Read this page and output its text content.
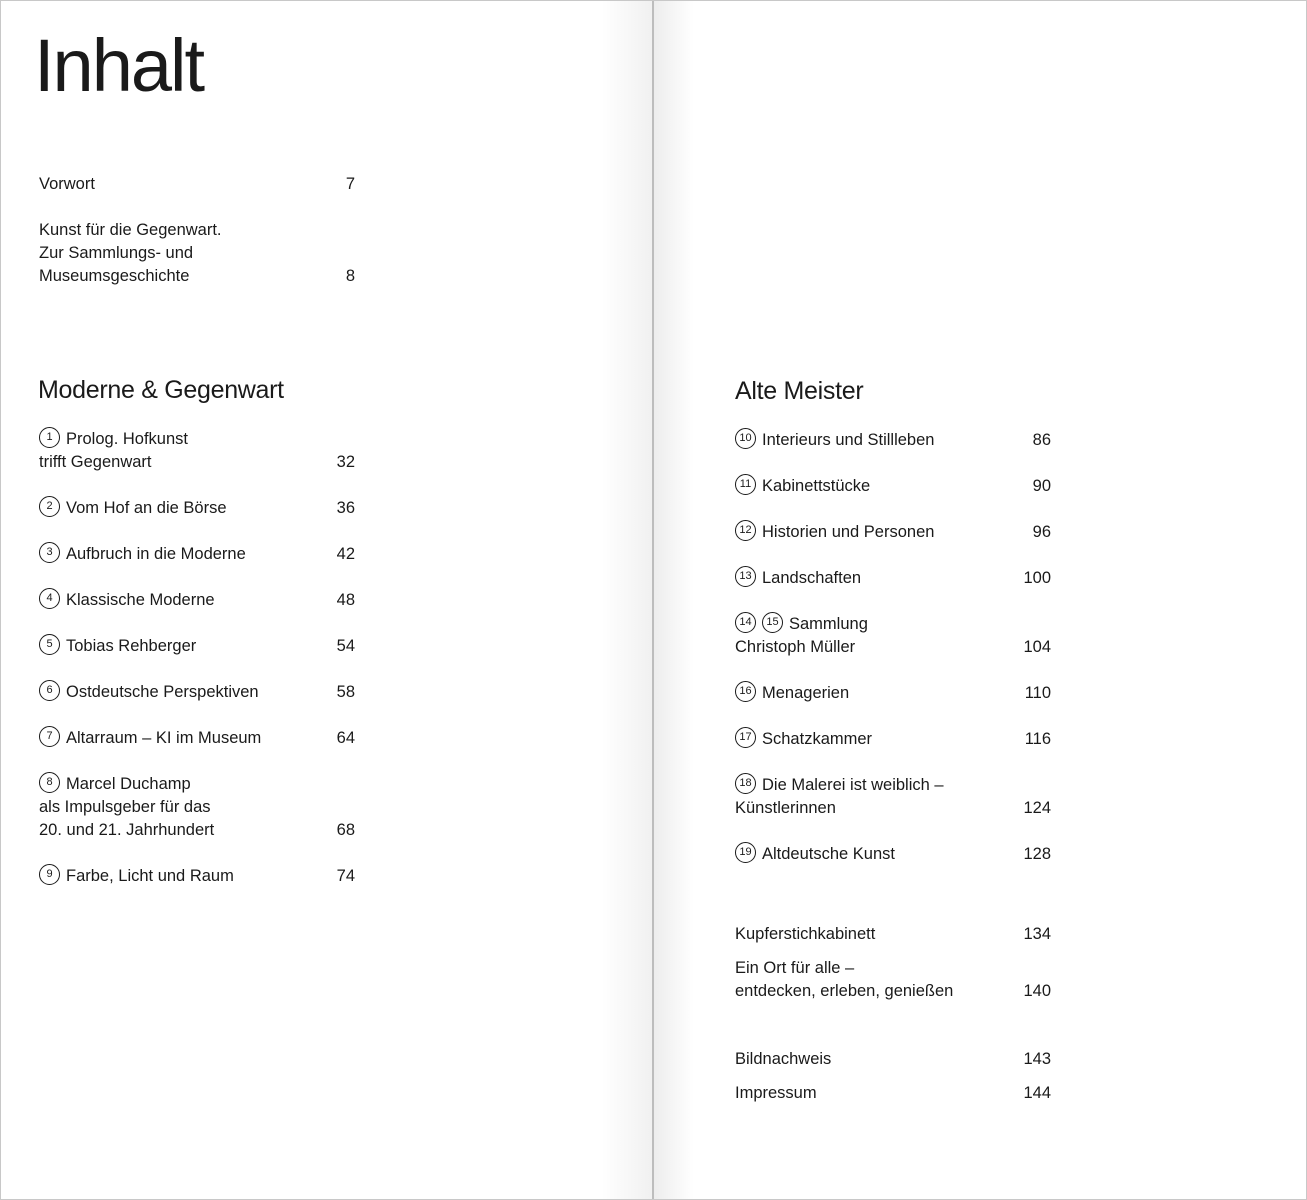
Inhalt
Vorwort	7
Kunst für die Gegenwart.
Zur Sammlungs- und
Museumsgeschichte	8
Moderne & Gegenwart
1 Prolog. Hofkunst
trifft Gegenwart	32
2 Vom Hof an die Börse	36
3 Aufbruch in die Moderne	42
4 Klassische Moderne	48
5 Tobias Rehberger	54
6 Ostdeutsche Perspektiven	58
7 Altarraum – KI im Museum	64
8 Marcel Duchamp
als Impulsgeber für das
20. und 21. Jahrhundert	68
9 Farbe, Licht und Raum	74
Alte Meister
10 Interieurs und Stillleben	86
11 Kabinettstücke	90
12 Historien und Personen	96
13 Landschaften	100
14 15 Sammlung
Christoph Müller	104
16 Menagerien	110
17 Schatzkammer	116
18 Die Malerei ist weiblich –
Künstlerinnen	124
19 Altdeutsche Kunst	128
Kupferstichkabinett	134
Ein Ort für alle –
entdecken, erleben, genießen	140
Bildnachweis	143
Impressum	144
